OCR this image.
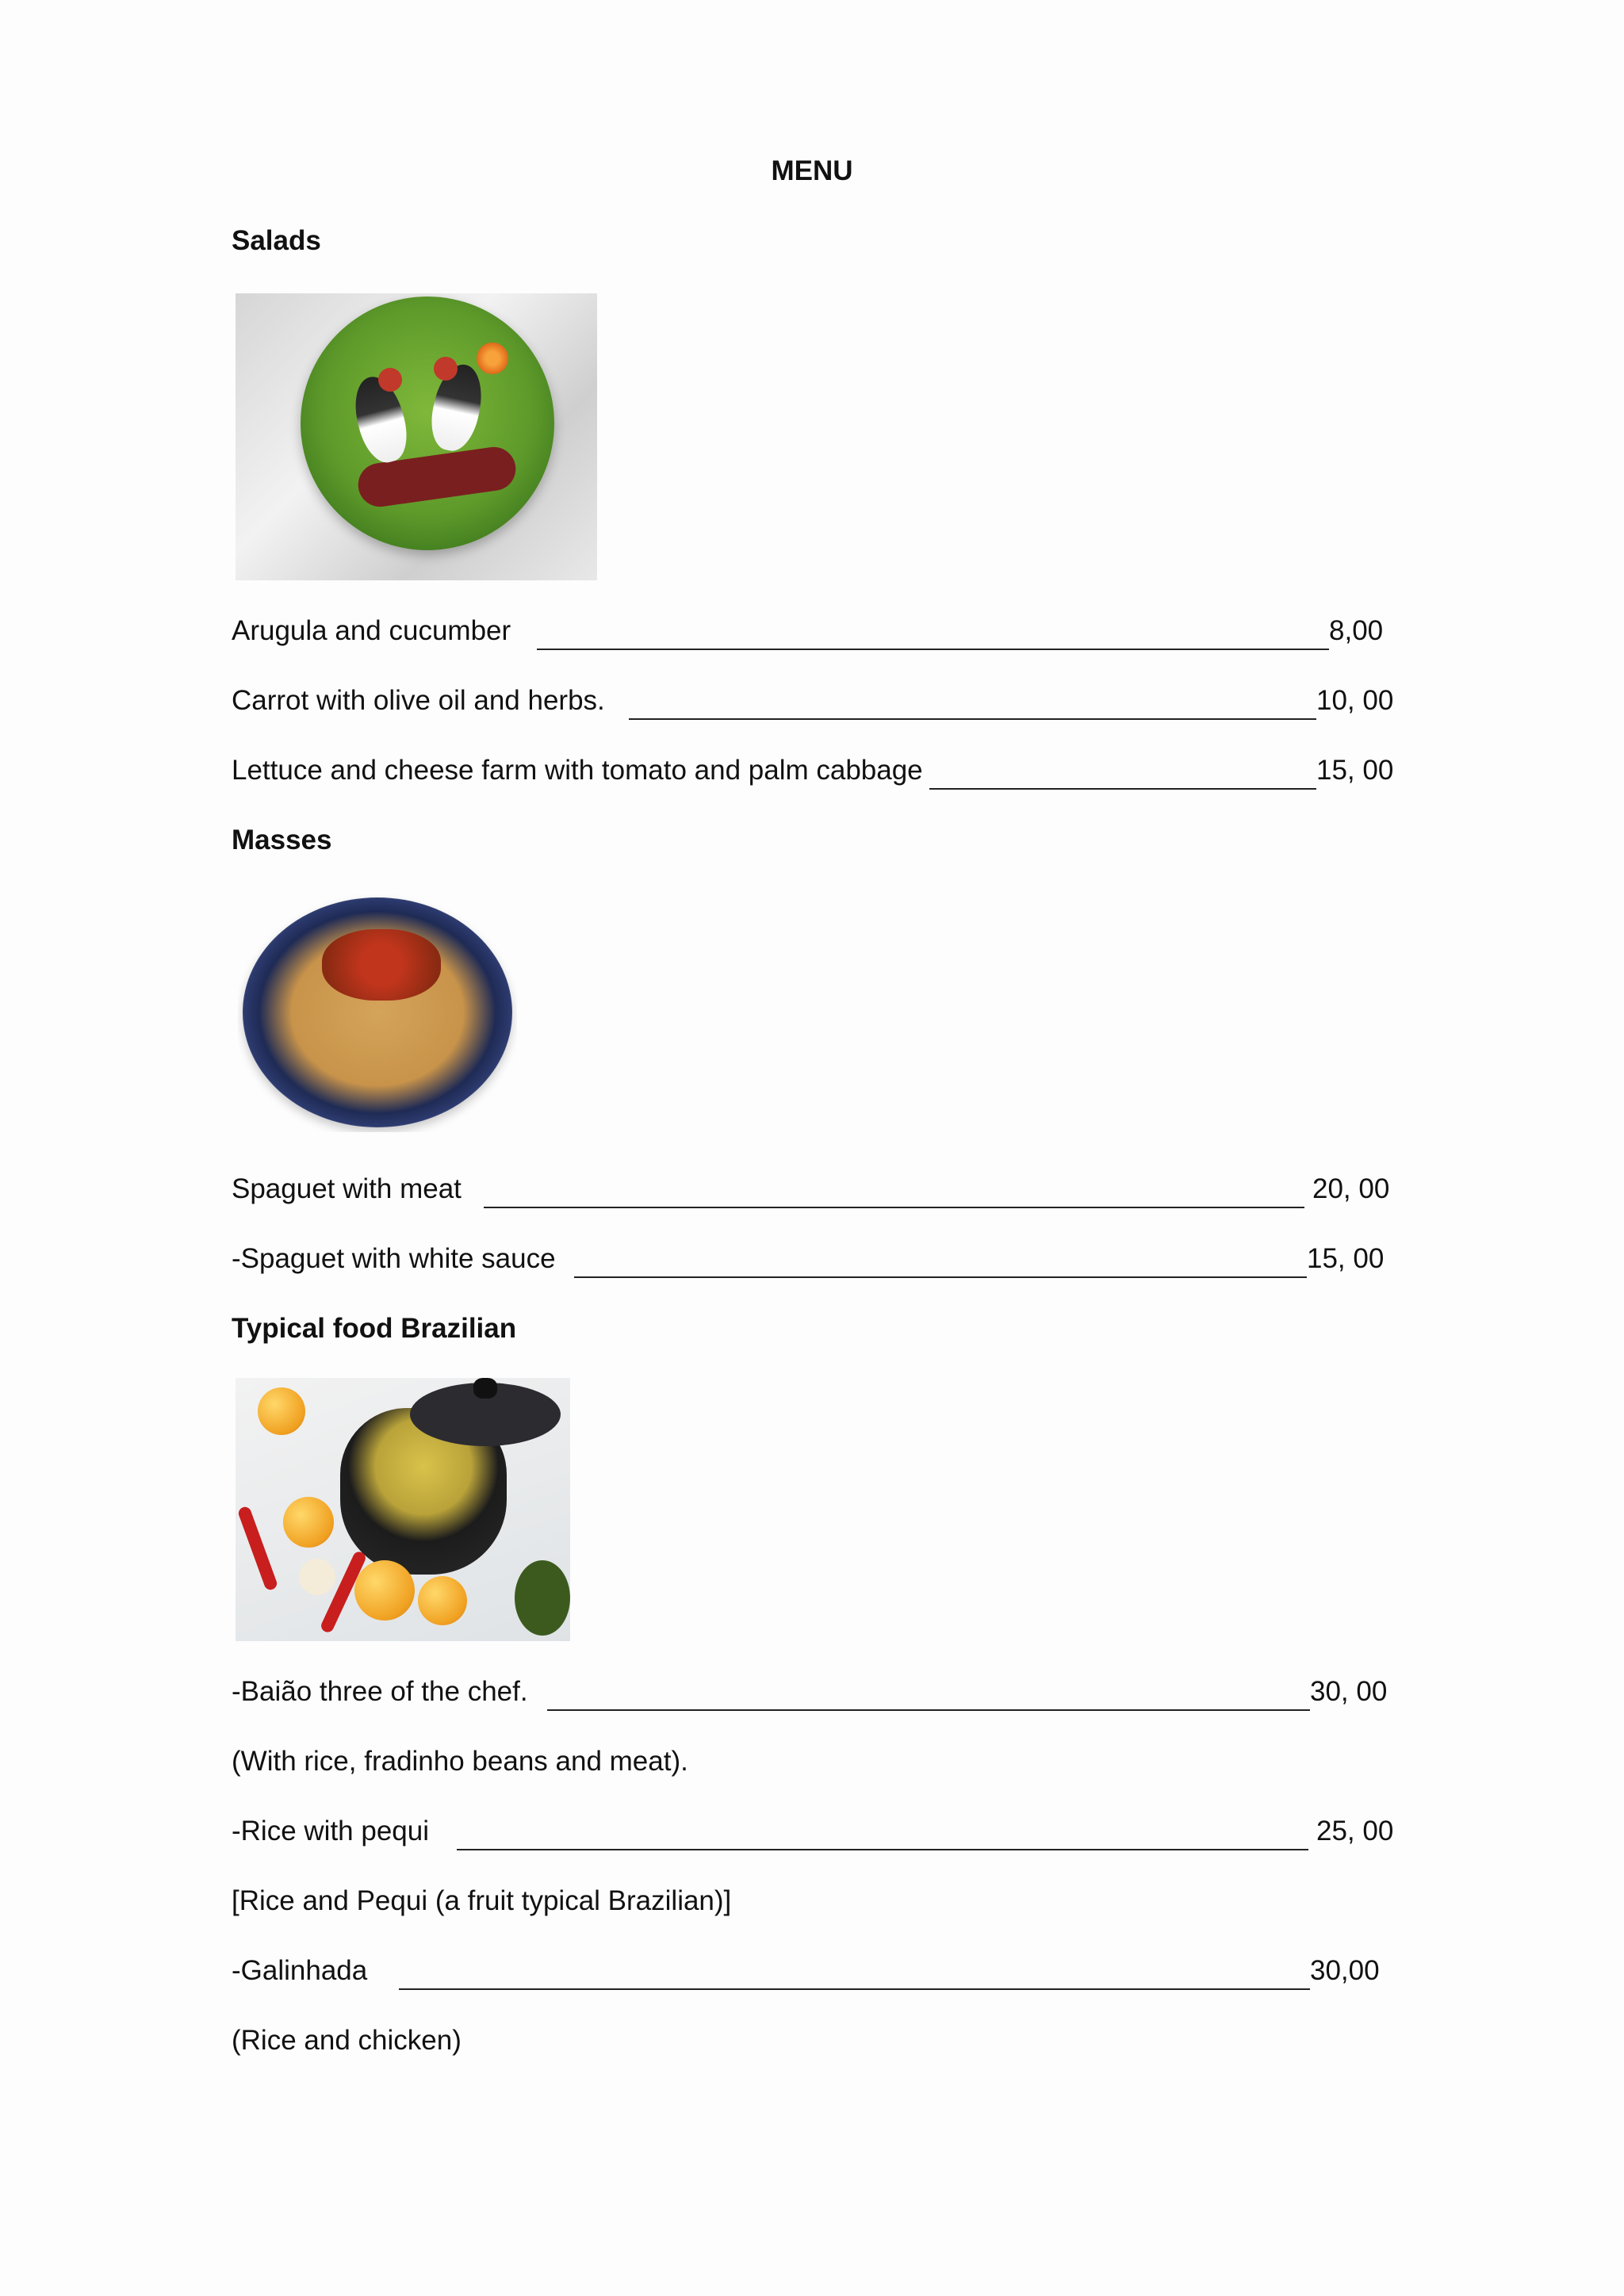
MENU
Salads
Arugula and cucumber	8,00
Carrot with olive oil and herbs.	10, 00
Lettuce and cheese farm with tomato and palm cabbage	15, 00
Masses
Spaguet with meat	20, 00
-Spaguet with white sauce	15, 00
Typical food Brazilian
-Baião three of the chef.	30, 00
(With rice, fradinho beans and meat).
-Rice with pequi	25, 00
[Rice and Pequi (a fruit typical Brazilian)]
-Galinhada	30,00
(Rice and chicken)
